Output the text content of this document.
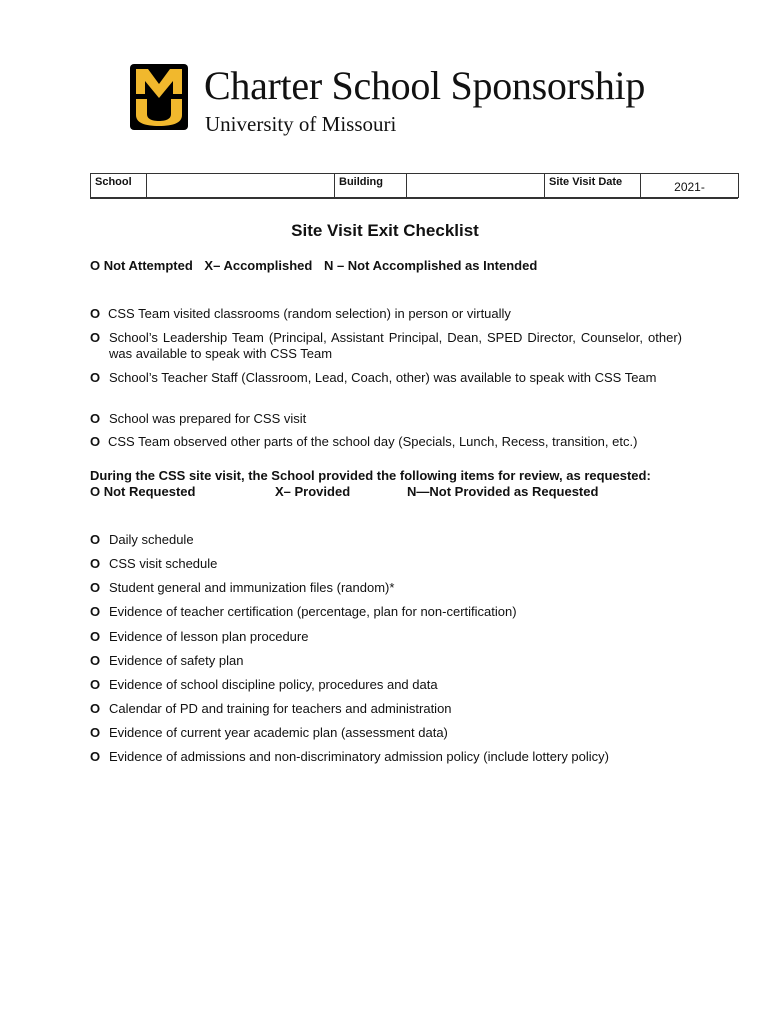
Charter School Sponsorship
University of Missouri
School		Building		Site Visit Date	2021-
Site Visit Exit Checklist
O Not Attempted X– Accomplished N – Not Accomplished as Intended
O CSS Team visited classrooms (random selection) in person or virtually
O School’s Leadership Team (Principal, Assistant Principal, Dean, SPED Director, Counselor, other) was available to speak with CSS Team
O School’s Teacher Staff (Classroom, Lead, Coach, other) was available to speak with CSS Team
O School was prepared for CSS visit
O CSS Team observed other parts of the school day (Specials, Lunch, Recess, transition, etc.)
During the CSS site visit, the School provided the following items for review, as requested:
O Not Requested	X– Provided	N—Not Provided as Requested
O Daily schedule
O CSS visit schedule
O Student general and immunization files (random)*
O Evidence of teacher certification (percentage, plan for non-certification)
O Evidence of lesson plan procedure
O Evidence of safety plan
O Evidence of school discipline policy, procedures and data
O Calendar of PD and training for teachers and administration
O Evidence of current year academic plan (assessment data)
O Evidence of admissions and non-discriminatory admission policy (include lottery policy)
